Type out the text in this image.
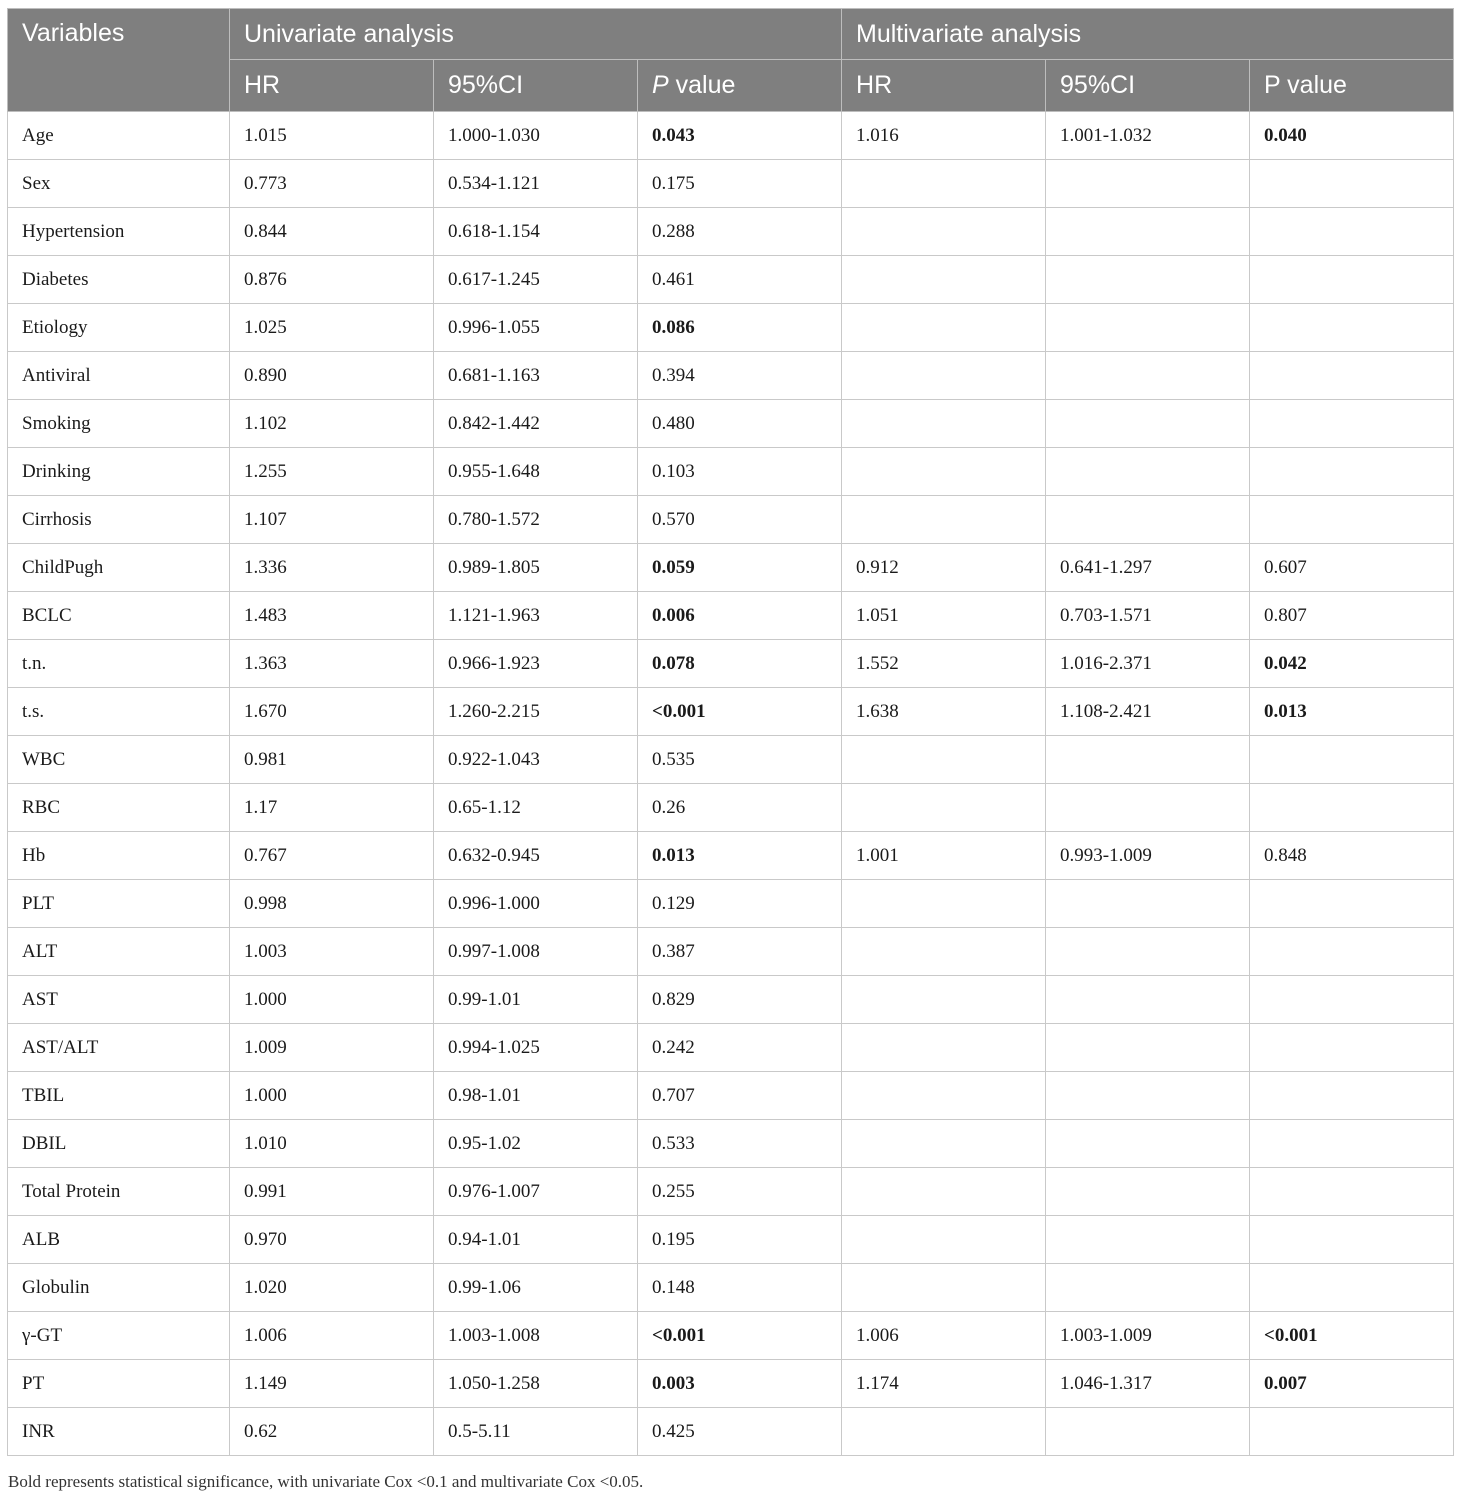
Variables	Univariate analysis			Multivariate analysis		
	HR	95%CI	P value	HR	95%CI	P value
Age	1.015	1.000-1.030	0.043	1.016	1.001-1.032	0.040
Sex	0.773	0.534-1.121	0.175			
Hypertension	0.844	0.618-1.154	0.288			
Diabetes	0.876	0.617-1.245	0.461			
Etiology	1.025	0.996-1.055	0.086			
Antiviral	0.890	0.681-1.163	0.394			
Smoking	1.102	0.842-1.442	0.480			
Drinking	1.255	0.955-1.648	0.103			
Cirrhosis	1.107	0.780-1.572	0.570			
ChildPugh	1.336	0.989-1.805	0.059	0.912	0.641-1.297	0.607
BCLC	1.483	1.121-1.963	0.006	1.051	0.703-1.571	0.807
t.n.	1.363	0.966-1.923	0.078	1.552	1.016-2.371	0.042
t.s.	1.670	1.260-2.215	<0.001	1.638	1.108-2.421	0.013
WBC	0.981	0.922-1.043	0.535			
RBC	1.17	0.65-1.12	0.26			
Hb	0.767	0.632-0.945	0.013	1.001	0.993-1.009	0.848
PLT	0.998	0.996-1.000	0.129			
ALT	1.003	0.997-1.008	0.387			
AST	1.000	0.99-1.01	0.829			
AST/ALT	1.009	0.994-1.025	0.242			
TBIL	1.000	0.98-1.01	0.707			
DBIL	1.010	0.95-1.02	0.533			
Total Protein	0.991	0.976-1.007	0.255			
ALB	0.970	0.94-1.01	0.195			
Globulin	1.020	0.99-1.06	0.148			
γ-GT	1.006	1.003-1.008	<0.001	1.006	1.003-1.009	<0.001
PT	1.149	1.050-1.258	0.003	1.174	1.046-1.317	0.007
INR	0.62	0.5-5.11	0.425			
Bold represents statistical significance, with univariate Cox <0.1 and multivariate Cox <0.05.
